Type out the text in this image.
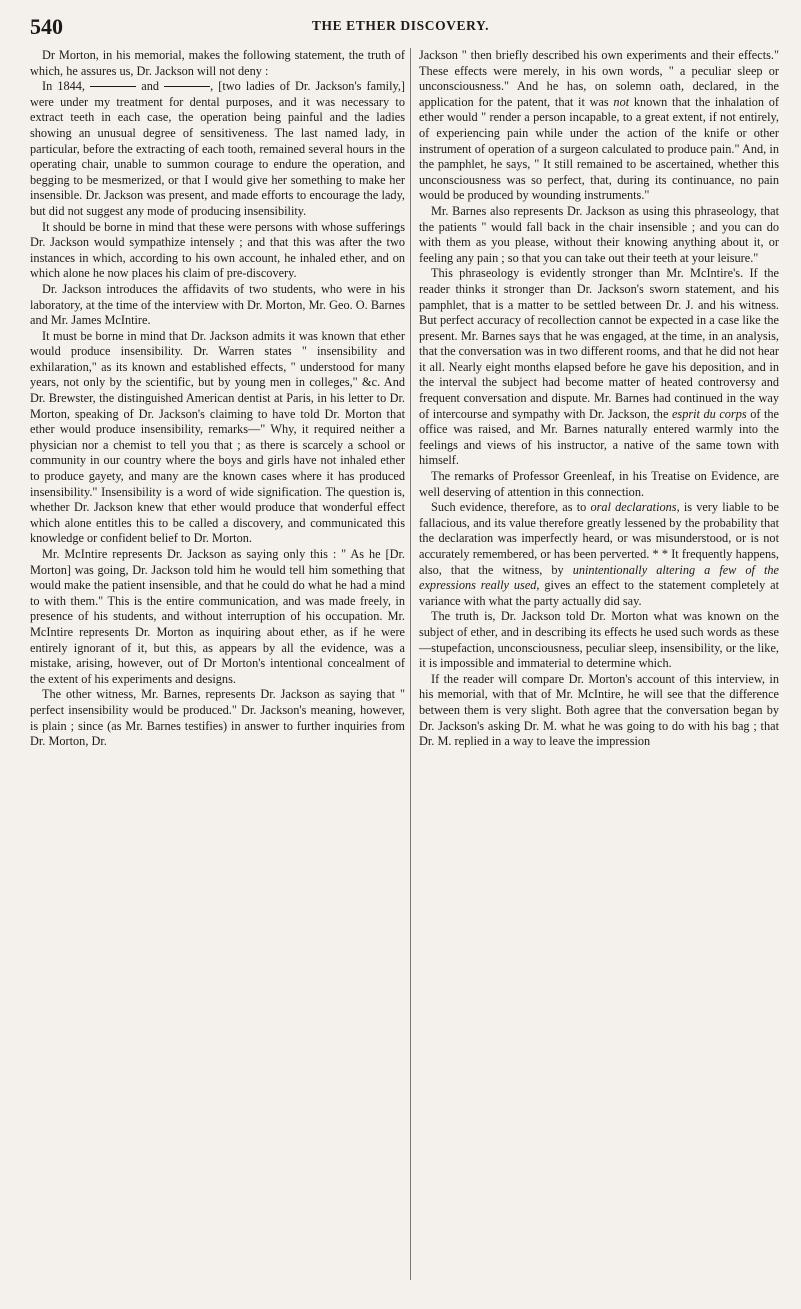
540	THE ETHER DISCOVERY.

Dr Morton, in his memorial, makes the following statement, the truth of which, he assures us, Dr. Jackson will not deny :

In 1844,	and	, [two ladies of Dr. Jackson's family,] were under my treatment for dental purposes, and it was necessary to extract teeth in each case, the operation being painful and the ladies showing an unusual degree of sensitiveness. The last named lady, in particular, before the extracting of each tooth, remained several hours in the operating chair, unable to summon courage to endure the operation, and begging to be mesmerized, or that I would give her something to make her insensible. Dr. Jackson was present, and made efforts to encourage the lady, but did not suggest any mode of producing insensibility.

It should be borne in mind that these were persons with whose sufferings Dr. Jackson would sympathize intensely ; and that this was after the two instances in which, according to his own account, he inhaled ether, and on which alone he now places his claim of pre-discovery.

Dr. Jackson introduces the affidavits of two students, who were in his laboratory, at the time of the interview with Dr. Morton, Mr. Geo. O. Barnes and Mr. James McIntire.

It must be borne in mind that Dr. Jackson admits it was known that ether would produce insensibility. Dr. Warren states " insensibility and exhilaration," as its known and established effects, " understood for many years, not only by the scientific, but by young men in colleges," &c. And Dr. Brewster, the distinguished American dentist at Paris, in his letter to Dr. Morton, speaking of Dr. Jackson's claiming to have told Dr. Morton that ether would produce insensibility, remarks—" Why, it required neither a physician nor a chemist to tell you that ; as there is scarcely a school or community in our country where the boys and girls have not inhaled ether to produce gayety, and many are the known cases where it has produced insensibility." Insensibility is a word of wide signification. The question is, whether Dr. Jackson knew that ether would produce that wonderful effect which alone entitles this to be called a discovery, and communicated this knowledge or confident belief to Dr. Morton.

Mr. McIntire represents Dr. Jackson as saying only this : " As he [Dr. Morton] was going, Dr. Jackson told him he would tell him something that would make the patient insensible, and that he could do what he had a mind to with them." This is the entire communication, and was made freely, in presence of his students, and without interruption of his occupation. Mr. McIntire represents Dr. Morton as inquiring about ether, as if he were entirely ignorant of it, but this, as appears by all the evidence, was a mistake, arising, however, out of Dr Morton's intentional concealment of the extent of his experiments and designs.

The other witness, Mr. Barnes, represents Dr. Jackson as saying that " perfect insensibility would be produced." Dr. Jackson's meaning, however, is plain ; since (as Mr. Barnes testifies) in answer to further inquiries from Dr. Morton, Dr.

Jackson " then briefly described his own experiments and their effects." These effects were merely, in his own words, " a peculiar sleep or unconsciousness." And he has, on solemn oath, declared, in the application for the patent, that it was not known that the inhalation of ether would " render a person incapable, to a great extent, if not entirely, of experiencing pain while under the action of the knife or other instrument of operation of a surgeon calculated to produce pain." And, in the pamphlet, he says, " It still remained to be ascertained, whether this unconsciousness was so perfect, that, during its continuance, no pain would be produced by wounding instruments."

Mr. Barnes also represents Dr. Jackson as using this phraseology, that the patients " would fall back in the chair insensible ; and you can do with them as you please, without their knowing anything about it, or feeling any pain ; so that you can take out their teeth at your leisure."

This phraseology is evidently stronger than Mr. McIntire's. If the reader thinks it stronger than Dr. Jackson's sworn statement, and his pamphlet, that is a matter to be settled between Dr. J. and his witness. But perfect accuracy of recollection cannot be expected in a case like the present. Mr. Barnes says that he was engaged, at the time, in an analysis, that the conversation was in two different rooms, and that he did not hear it all. Nearly eight months elapsed before he gave his deposition, and in the interval the subject had become matter of heated controversy and frequent conversation and dispute. Mr. Barnes had continued in the way of intercourse and sympathy with Dr. Jackson, the esprit du corps of the office was raised, and Mr. Barnes naturally entered warmly into the feelings and views of his instructor, a native of the same town with himself.

The remarks of Professor Greenleaf, in his Treatise on Evidence, are well deserving of attention in this connection.

Such evidence, therefore, as to oral declarations, is very liable to be fallacious, and its value therefore greatly lessened by the probability that the declaration was imperfectly heard, or was misunderstood, or is not accurately remembered, or has been perverted. * * It frequently happens, also, that the witness, by unintentionally altering a few of the expressions really used, gives an effect to the statement completely at variance with what the party actually did say.

The truth is, Dr. Jackson told Dr. Morton what was known on the subject of ether, and in describing its effects he used such words as these—stupefaction, unconsciousness, peculiar sleep, insensibility, or the like, it is impossible and immaterial to determine which.

If the reader will compare Dr. Morton's account of this interview, in his memorial, with that of Mr. McIntire, he will see that the difference between them is very slight. Both agree that the conversation began by Dr. Jackson's asking Dr. M. what he was going to do with his bag ; that Dr. M. replied in a way to leave the impression
